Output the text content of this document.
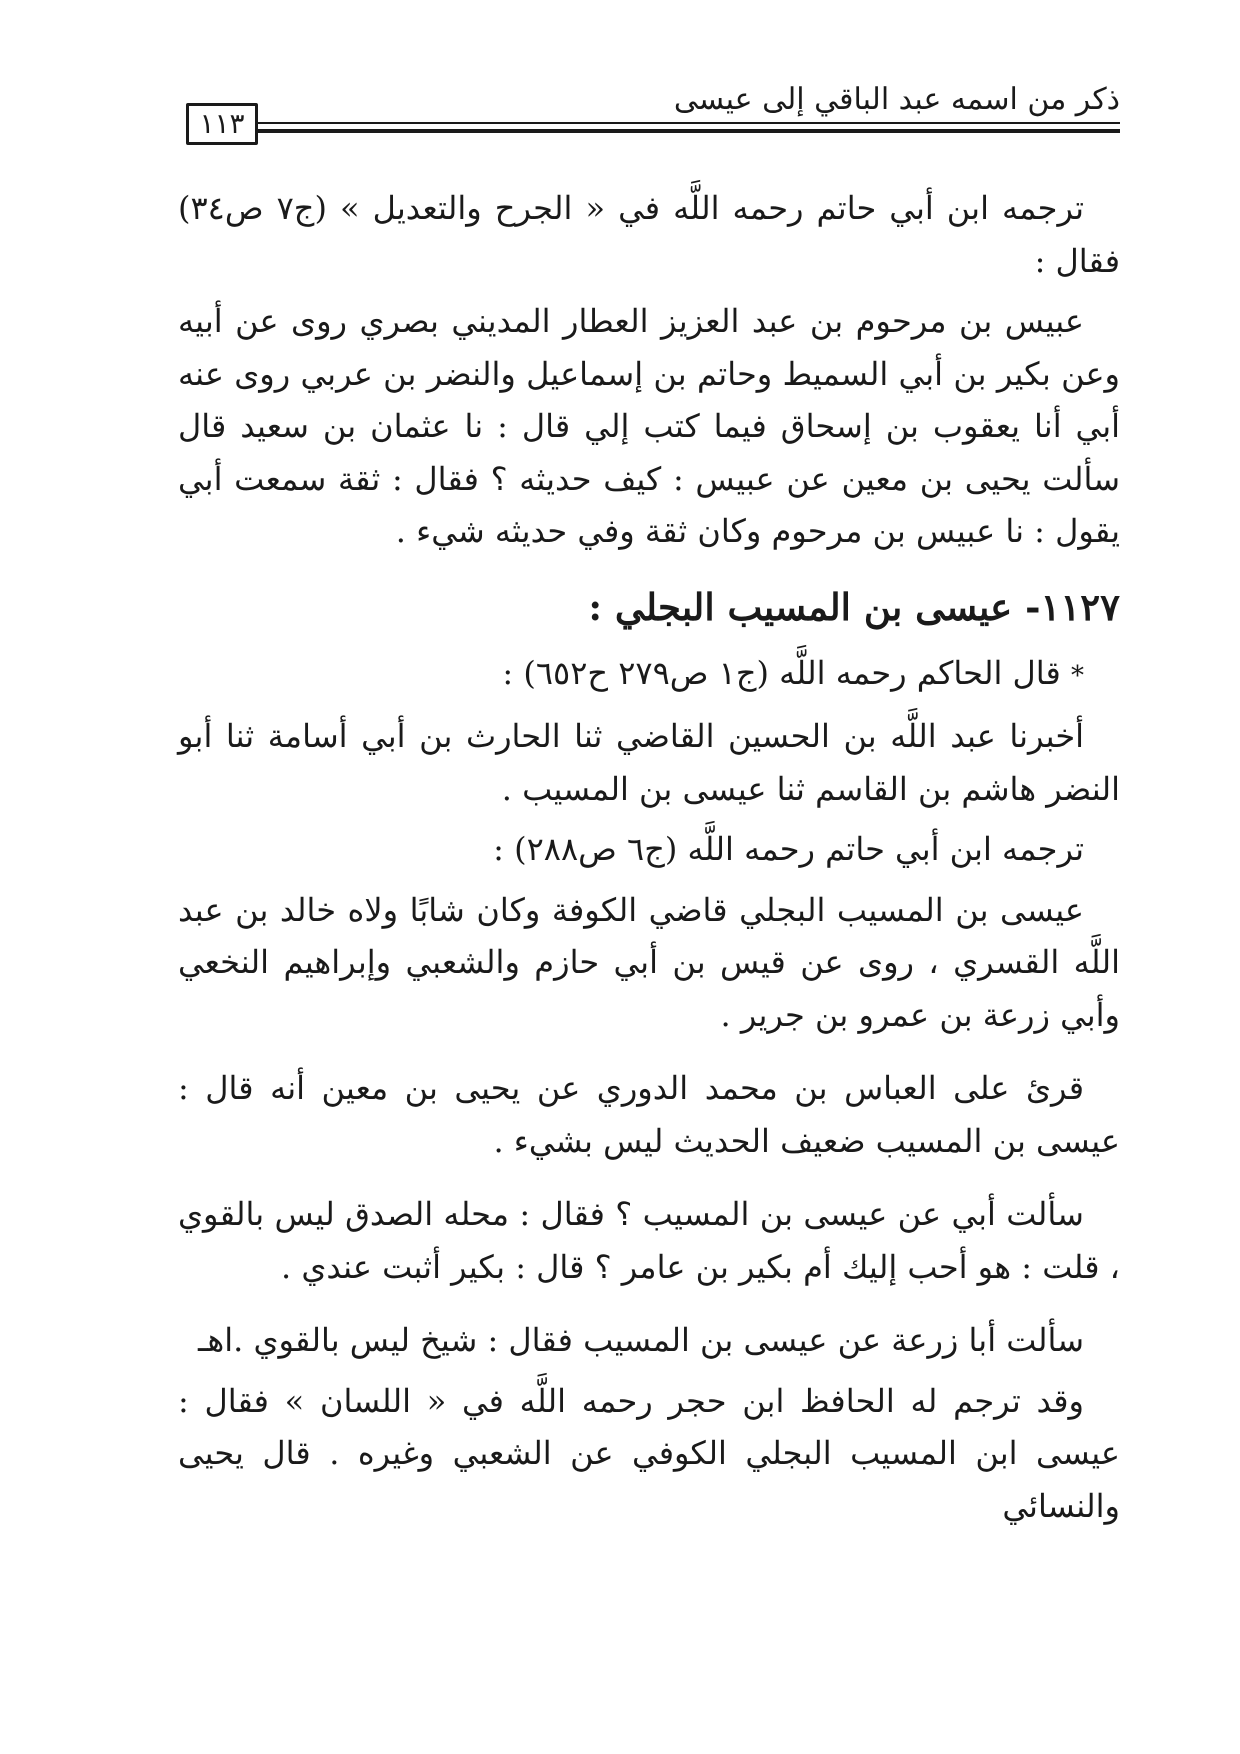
ذكر من اسمه عبد الباقي إلى عيسى
١١٣

ترجمه ابن أبي حاتم رحمه اللَّه في « الجرح والتعديل » (ج٧ ص٣٤) فقال :

عبيس بن مرحوم بن عبد العزيز العطار المديني بصري روى عن أبيه وعن بكير بن أبي السميط وحاتم بن إسماعيل والنضر بن عربي روى عنه أبي أنا يعقوب بن إسحاق فيما كتب إلي قال : نا عثمان بن سعيد قال سألت يحيى بن معين عن عبيس : كيف حديثه ؟ فقال : ثقة سمعت أبي يقول : نا عبيس بن مرحوم وكان ثقة وفي حديثه شيء .

١١٢٧- عيسى بن المسيب البجلي :

* قال الحاكم رحمه اللَّه (ج١ ص٢٧٩ ح٦٥٢) :

أخبرنا عبد اللَّه بن الحسين القاضي ثنا الحارث بن أبي أسامة ثنا أبو النضر هاشم بن القاسم ثنا عيسى بن المسيب .

ترجمه ابن أبي حاتم رحمه اللَّه (ج٦ ص٢٨٨) :

عيسى بن المسيب البجلي قاضي الكوفة وكان شابًا ولاه خالد بن عبد اللَّه القسري ، روى عن قيس بن أبي حازم والشعبي وإبراهيم النخعي وأبي زرعة بن عمرو بن جرير .

قرئ على العباس بن محمد الدوري عن يحيى بن معين أنه قال : عيسى بن المسيب ضعيف الحديث ليس بشيء .

سألت أبي عن عيسى بن المسيب ؟ فقال : محله الصدق ليس بالقوي ، قلت : هو أحب إليك أم بكير بن عامر ؟ قال : بكير أثبت عندي .

سألت أبا زرعة عن عيسى بن المسيب فقال : شيخ ليس بالقوي .اهـ

وقد ترجم له الحافظ ابن حجر رحمه اللَّه في « اللسان » فقال : عيسى ابن المسيب البجلي الكوفي عن الشعبي وغيره . قال يحيى والنسائي
